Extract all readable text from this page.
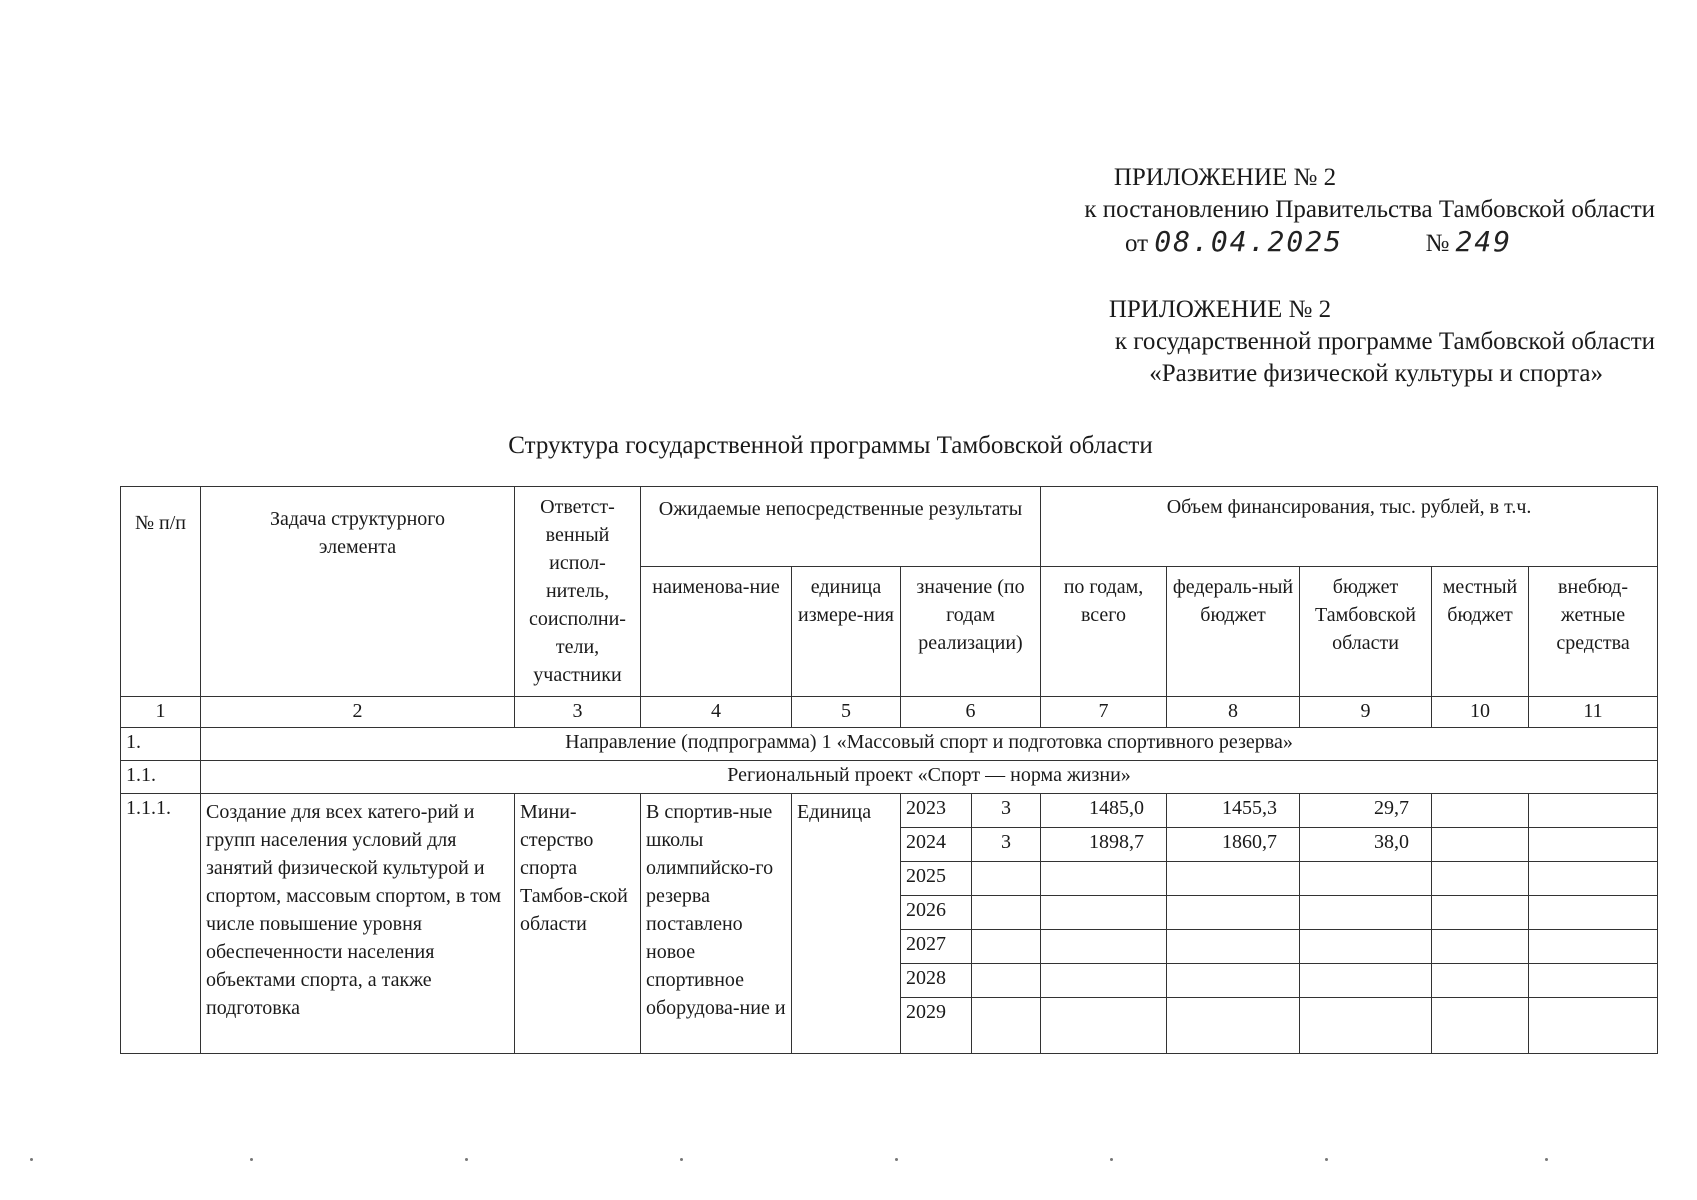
ПРИЛОЖЕНИЕ № 2
к постановлению Правительства Тамбовской области
от 08.04.2025	№ 249
ПРИЛОЖЕНИЕ № 2
к государственной программе Тамбовской области
«Развитие физической культуры и спорта»
Структура государственной программы Тамбовской области
№ п/п	Задача структурного элемента	Ответст-венный испол-нитель, соисполни-тели, участники	Ожидаемые непосредственные результаты				Объем финансирования, тыс. рублей, в т.ч.				
			наименова-ние	единица измере-ния	значение (по годам реализации)		по годам, всего	федераль-ный бюджет	бюджет Тамбовской области	местный бюджет	внебюд-жетные средства
1	2	3	4	5	6		7	8	9	10	11
1.	Направление (подпрограмма) 1 «Массовый спорт и подготовка спортивного резерва»										
1.1.	Региональный проект «Спорт — норма жизни»										
1.1.1.	Создание для всех катего-рий и групп населения условий для занятий физической культурой и спортом, массовым спортом, в том числе повышение уровня обеспеченности населения объектами спорта, а также подготовка	Мини-стерство спорта Тамбов-ской области	В спортив-ные школы олимпийско-го резерва поставлено новое спортивное оборудова-ние и	Единица	2023	3	1485,0	1455,3	29,7		
					2024	3	1898,7	1860,7	38,0		
					2025						
					2026						
					2027						
					2028						
					2029						
